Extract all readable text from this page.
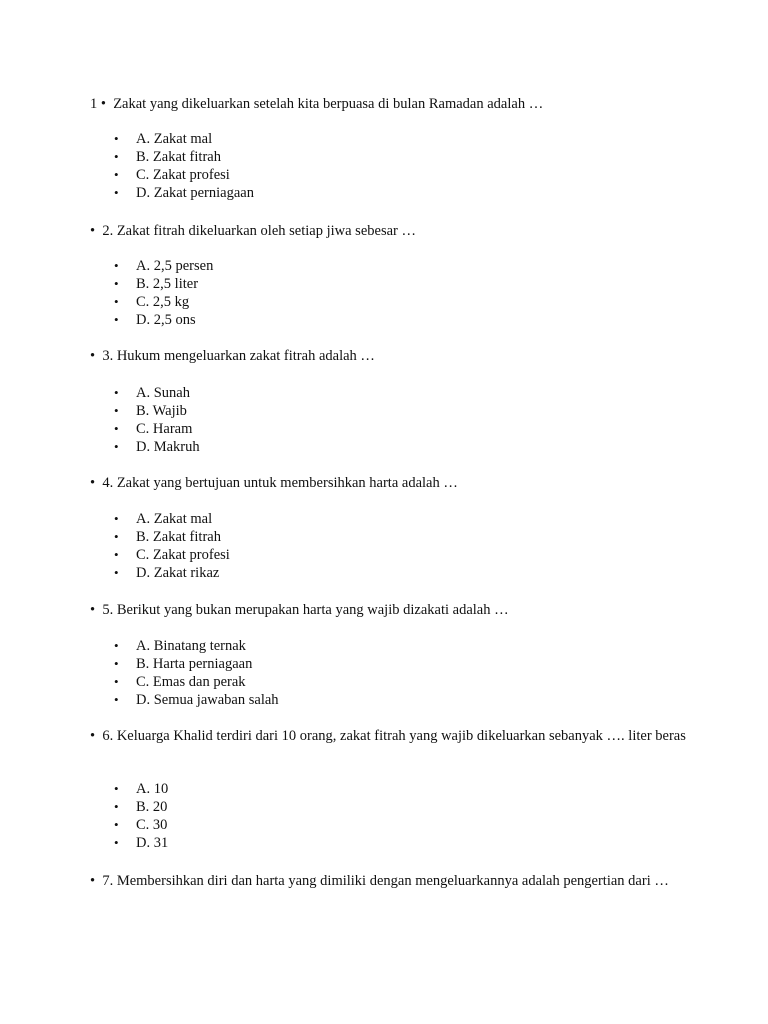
1 • Zakat yang dikeluarkan setelah kita berpuasa di bulan Ramadan adalah …
• A. Zakat mal
• B. Zakat fitrah
• C. Zakat profesi
• D. Zakat perniagaan
• 2. Zakat fitrah dikeluarkan oleh setiap jiwa sebesar …
• A. 2,5 persen
• B. 2,5 liter
• C. 2,5 kg
• D. 2,5 ons
• 3. Hukum mengeluarkan zakat fitrah adalah …
• A. Sunah
• B. Wajib
• C. Haram
• D. Makruh
• 4. Zakat yang bertujuan untuk membersihkan harta adalah …
• A. Zakat mal
• B. Zakat fitrah
• C. Zakat profesi
• D. Zakat rikaz
• 5. Berikut yang bukan merupakan harta yang wajib dizakati adalah …
• A. Binatang ternak
• B. Harta perniagaan
• C. Emas dan perak
• D. Semua jawaban salah
• 6. Keluarga Khalid terdiri dari 10 orang, zakat fitrah yang wajib dikeluarkan sebanyak …. liter beras
• A. 10
• B. 20
• C. 30
• D. 31
• 7. Membersihkan diri dan harta yang dimiliki dengan mengeluarkannya adalah pengertian dari …
